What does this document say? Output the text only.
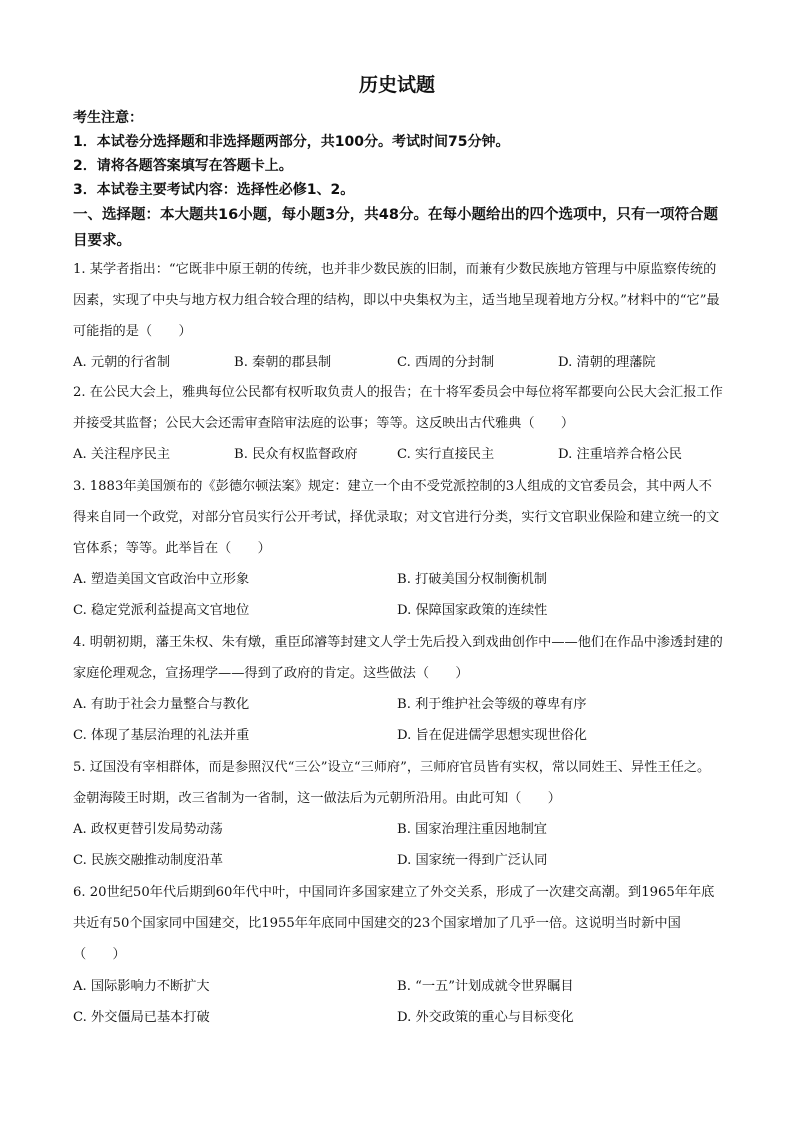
历史试题
考生注意：
1．本试卷分选择题和非选择题两部分，共100分。考试时间75分钟。
2．请将各题答案填写在答题卡上。
3．本试卷主要考试内容：选择性必修1、2。
一、选择题：本大题共16小题，每小题3分，共48分。在每小题给出的四个选项中，只有一项符合题目要求。
1. 某学者指出：“它既非中原王朝的传统，也并非少数民族的旧制，而兼有少数民族地方管理与中原监察传统的因素，实现了中央与地方权力组合较合理的结构，即以中央集权为主，适当地呈现着地方分权。”材料中的“它”最可能指的是（　　）
A. 元朝的行省制	B. 秦朝的郡县制	C. 西周的分封制	D. 清朝的理藩院
2. 在公民大会上，雅典每位公民都有权听取负责人的报告；在十将军委员会中每位将军都要向公民大会汇报工作并接受其监督；公民大会还需审查陪审法庭的讼事；等等。这反映出古代雅典（　　）
A. 关注程序民主	B. 民众有权监督政府	C. 实行直接民主	D. 注重培养合格公民
3. 1883年美国颁布的《彭德尔顿法案》规定：建立一个由不受党派控制的3人组成的文官委员会，其中两人不得来自同一个政党，对部分官员实行公开考试，择优录取；对文官进行分类，实行文官职业保险和建立统一的文官体系；等等。此举旨在（　　）
A. 塑造美国文官政治中立形象	B. 打破美国分权制衡机制
C. 稳定党派利益提高文官地位	D. 保障国家政策的连续性
4. 明朝初期，藩王朱权、朱有燉，重臣邱濬等封建文人学士先后投入到戏曲创作中——他们在作品中渗透封建的家庭伦理观念，宣扬理学——得到了政府的肯定。这些做法（　　）
A. 有助于社会力量整合与教化	B. 利于维护社会等级的尊卑有序
C. 体现了基层治理的礼法并重	D. 旨在促进儒学思想实现世俗化
5. 辽国没有宰相群体，而是参照汉代“三公”设立“三师府”，三师府官员皆有实权，常以同姓王、异性王任之。金朝海陵王时期，改三省制为一省制，这一做法后为元朝所沿用。由此可知（　　）
A. 政权更替引发局势动荡	B. 国家治理注重因地制宜
C. 民族交融推动制度沿革	D. 国家统一得到广泛认同
6. 20世纪50年代后期到60年代中叶，中国同许多国家建立了外交关系，形成了一次建交高潮。到1965年年底共近有50个国家同中国建交，比1955年年底同中国建交的23个国家增加了几乎一倍。这说明当时新中国（　　）
A. 国际影响力不断扩大	B. “一五”计划成就令世界瞩目
C. 外交僵局已基本打破	D. 外交政策的重心与目标变化
